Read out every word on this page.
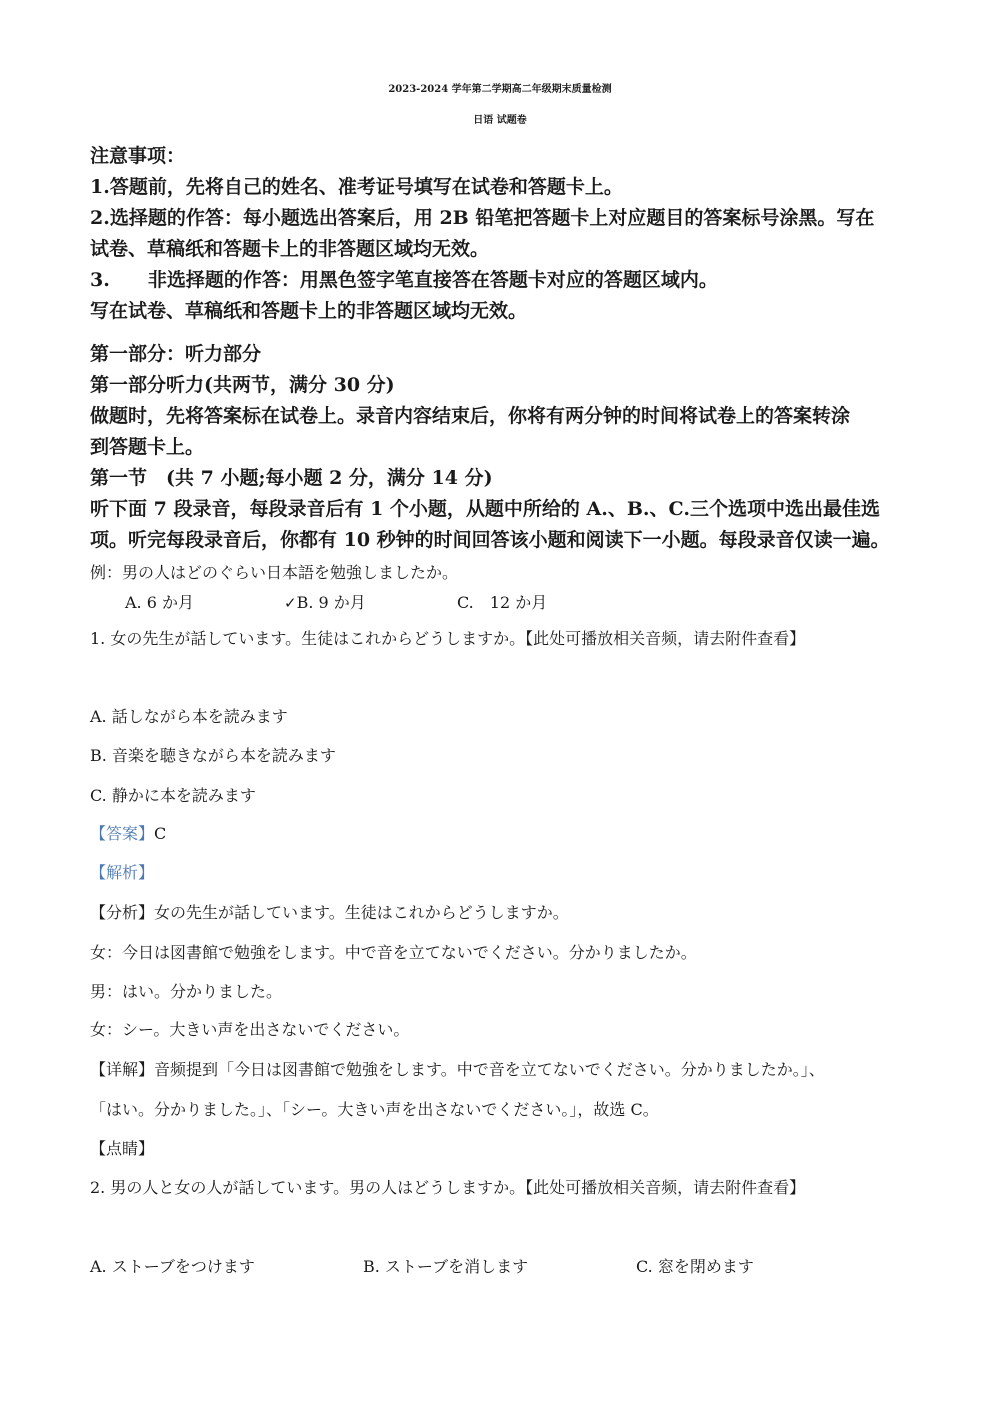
2023-2024 学年第二学期高二年级期末质量检测
日语 试题卷
注意事项：
1.答题前，先将自己的姓名、准考证号填写在试卷和答题卡上。
2.选择题的作答：每小题选出答案后，用 2B 铅笔把答题卡上对应题目的答案标号涂黑。写在
试卷、草稿纸和答题卡上的非答题区域均无效。
3.　　非选择题的作答：用黑色签字笔直接答在答题卡对应的答题区域内。
写在试卷、草稿纸和答题卡上的非答题区域均无效。
第一部分：听力部分
第一部分听力(共两节，满分 30 分)
做题时，先将答案标在试卷上。录音内容结束后，你将有两分钟的时间将试卷上的答案转涂
到答题卡上。
第一节　(共 7 小题;每小题 2 分，满分 14 分)
听下面 7 段录音，每段录音后有 1 个小题，从题中所给的 A.、B.、C.三个选项中选出最佳选
项。听完每段录音后，你都有 10 秒钟的时间回答该小题和阅读下一小题。每段录音仅读一遍。
例：男の人はどのぐらい日本語を勉強しましたか。
A. 6 か月	✓B. 9 か月	C.　12 か月
1. 女の先生が話しています。生徒はこれからどうしますか。【此处可播放相关音频，请去附件查看】
A. 話しながら本を読みます
B. 音楽を聴きながら本を読みます
C. 静かに本を読みます
【答案】C
【解析】
【分析】女の先生が話しています。生徒はこれからどうしますか。
女：今日は図書館で勉強をします。中で音を立てないでください。分かりましたか。
男：はい。分かりました。
女：シー。大きい声を出さないでください。
【详解】音频提到「今日は図書館で勉強をします。中で音を立てないでください。分かりましたか。」、
「はい。分かりました。」、「シー。大きい声を出さないでください。」，故选 C。
【点睛】
2. 男の人と女の人が話しています。男の人はどうしますか。【此处可播放相关音频，请去附件查看】
A. ストーブをつけます	B. ストーブを消します	C. 窓を閉めます
